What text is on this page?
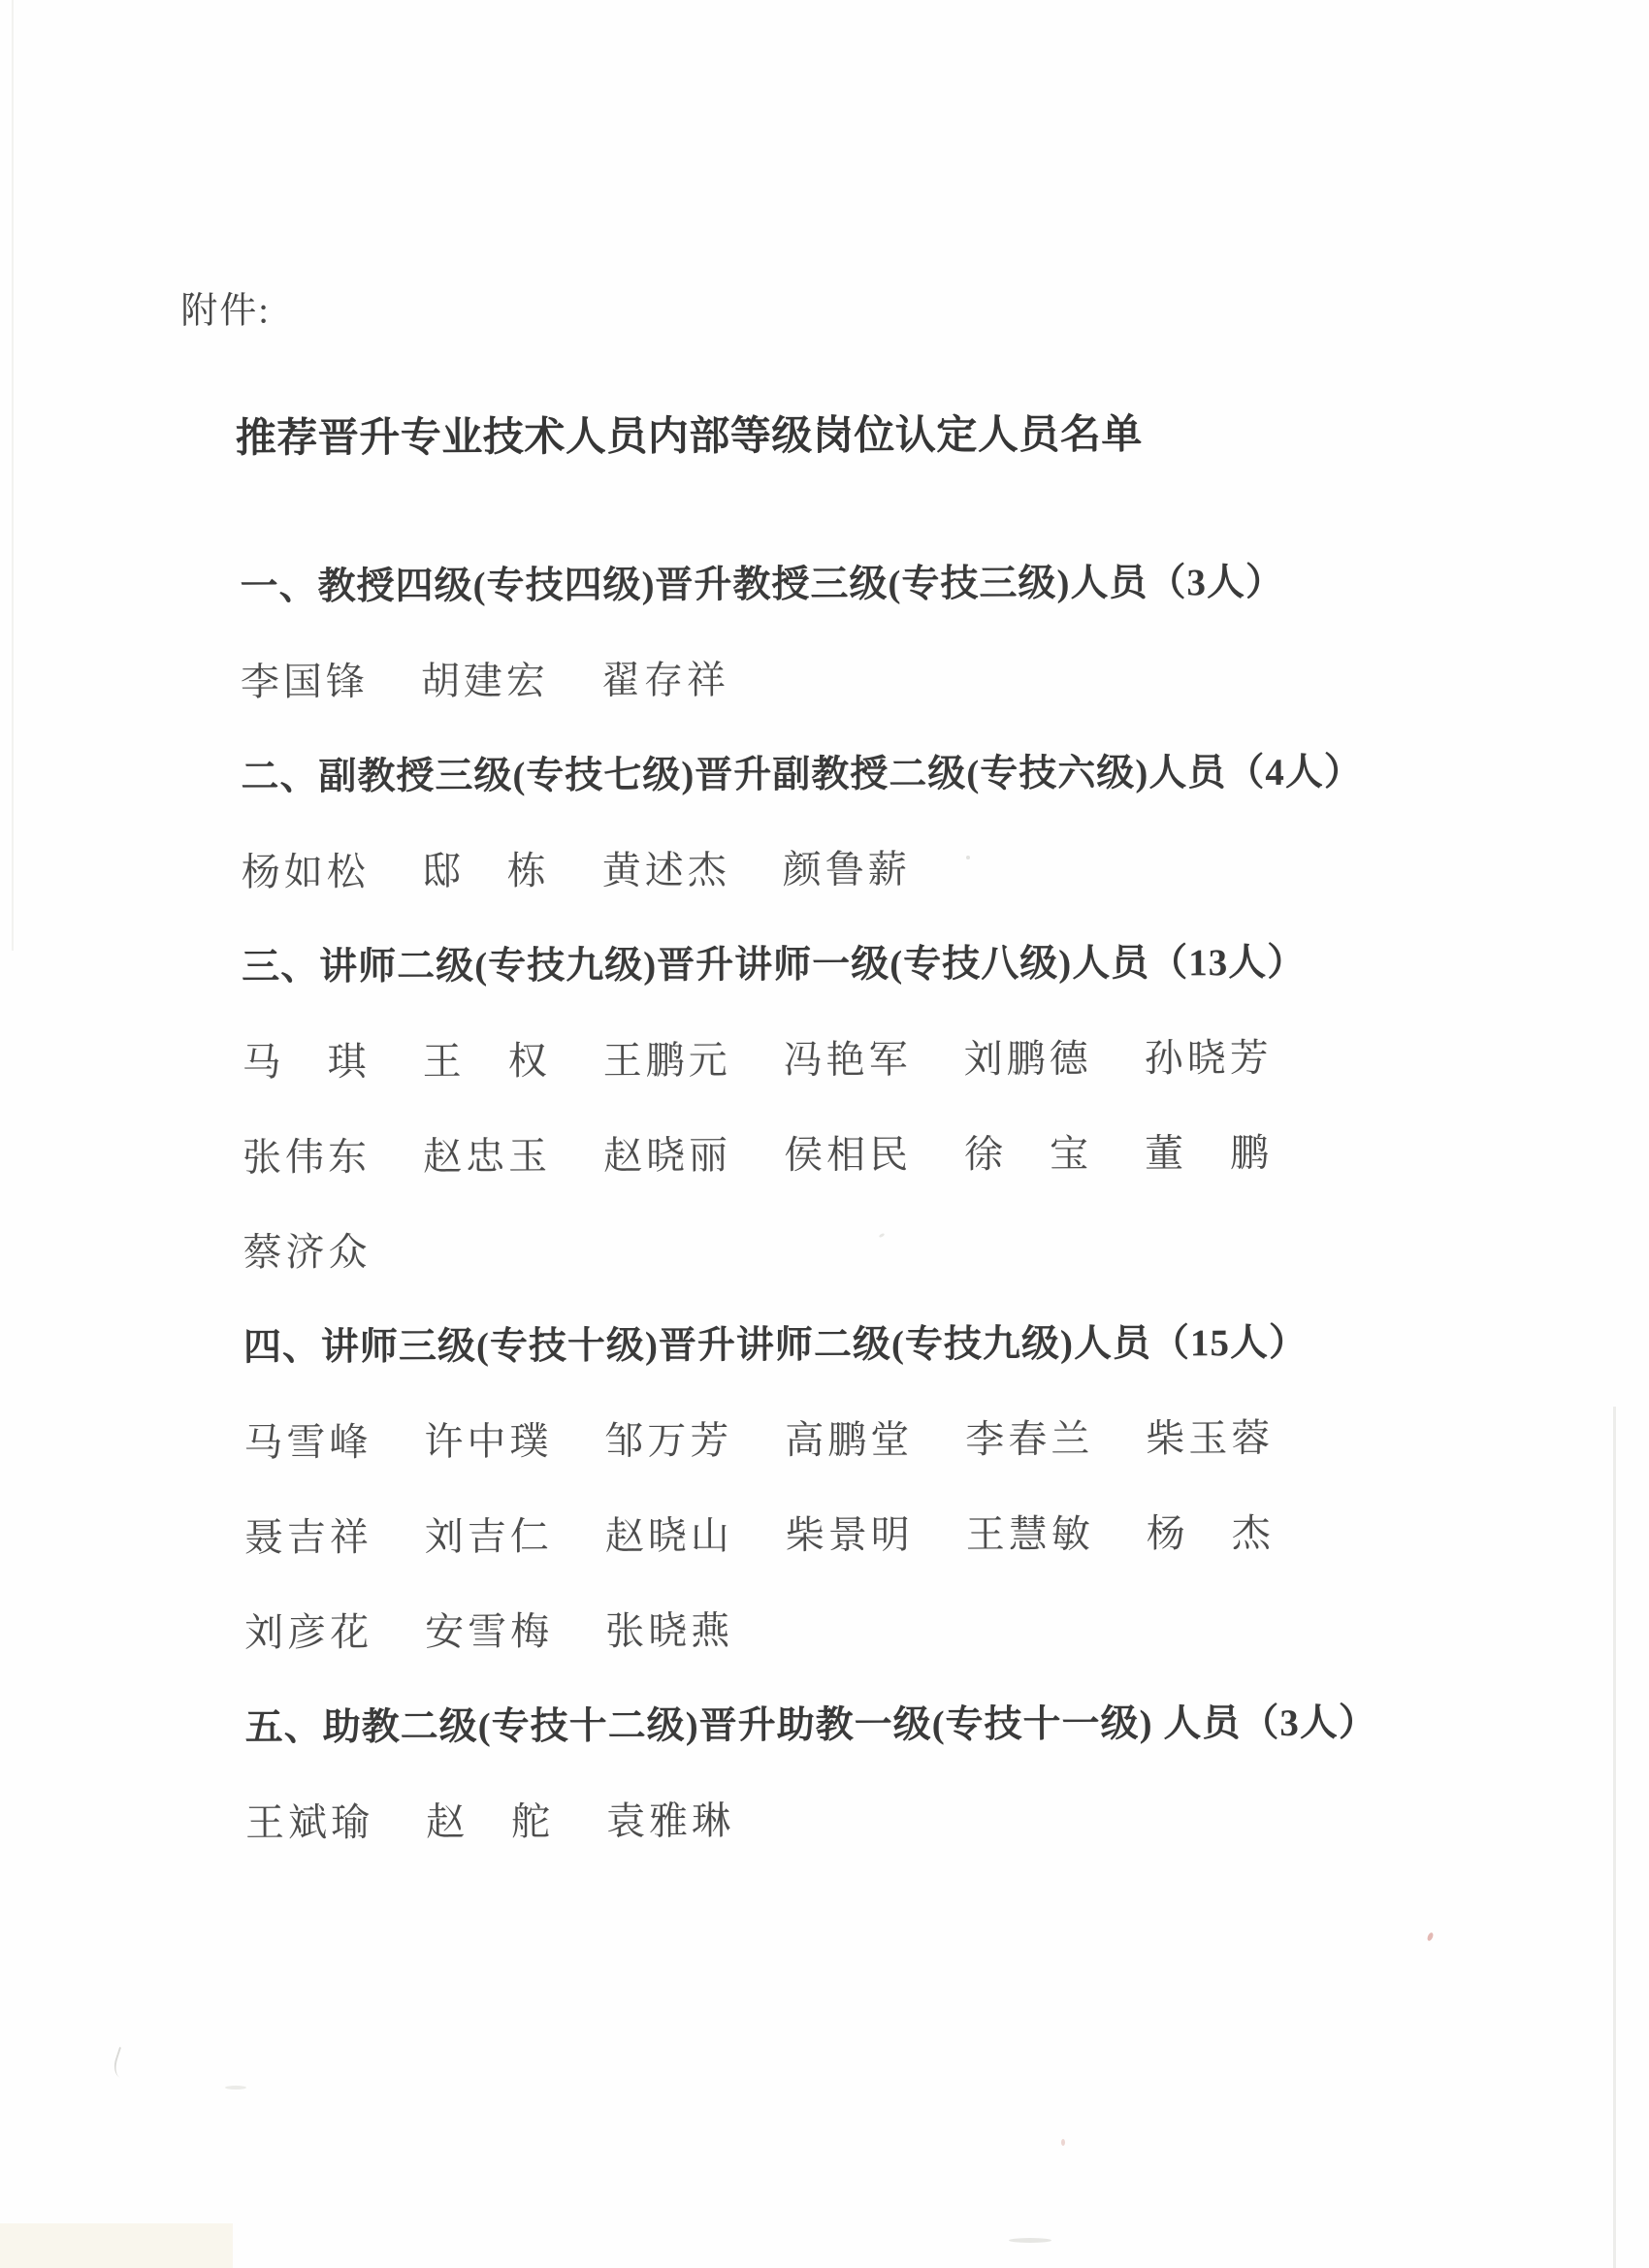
附件:
推荐晋升专业技术人员内部等级岗位认定人员名单
一、教授四级(专技四级)晋升教授三级(专技三级)人员（3人）
李国锋 胡建宏 翟存祥
二、副教授三级(专技七级)晋升副教授二级(专技六级)人员（4人）
杨如松 邸　栋 黄述杰 颜鲁薪
三、讲师二级(专技九级)晋升讲师一级(专技八级)人员（13人）
马　琪 王　权 王鹏元 冯艳军 刘鹏德 孙晓芳
张伟东 赵忠玉 赵晓丽 侯相民 徐　宝 董　鹏
蔡济众
四、讲师三级(专技十级)晋升讲师二级(专技九级)人员（15人）
马雪峰 许中璞 邹万芳 高鹏堂 李春兰 柴玉蓉
聂吉祥 刘吉仁 赵晓山 柴景明 王慧敏 杨　杰
刘彦花 安雪梅 张晓燕
五、助教二级(专技十二级)晋升助教一级(专技十一级) 人员（3人）
王斌瑜 赵　舵 袁雅琳
